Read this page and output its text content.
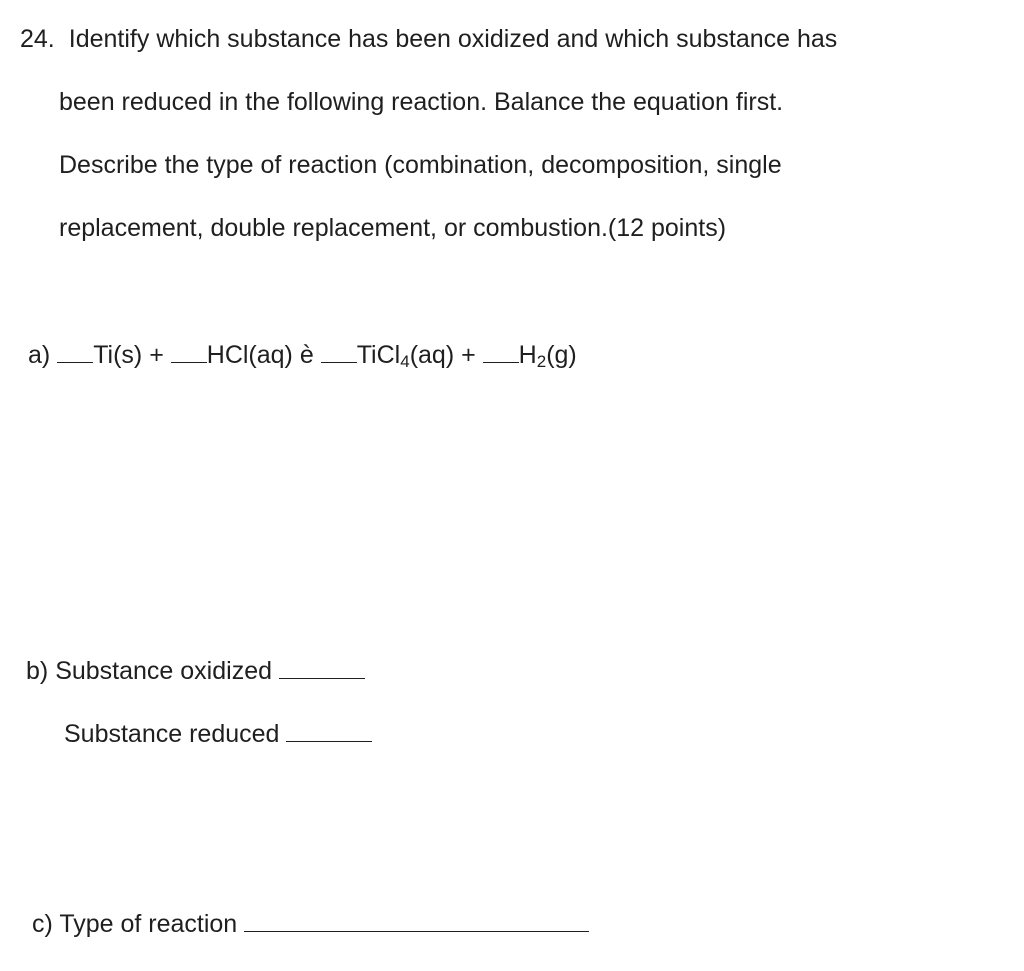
24. Identify which substance has been oxidized and which substance has
been reduced in the following reaction. Balance the equation first.
Describe the type of reaction (combination, decomposition, single
replacement, double replacement, or combustion.(12 points)
a) Ti(s) + HCl(aq) è TiCl$_4$(aq) + $H_2(g)$
b) Substance oxidized
Substance reduced
c) Type of reaction
